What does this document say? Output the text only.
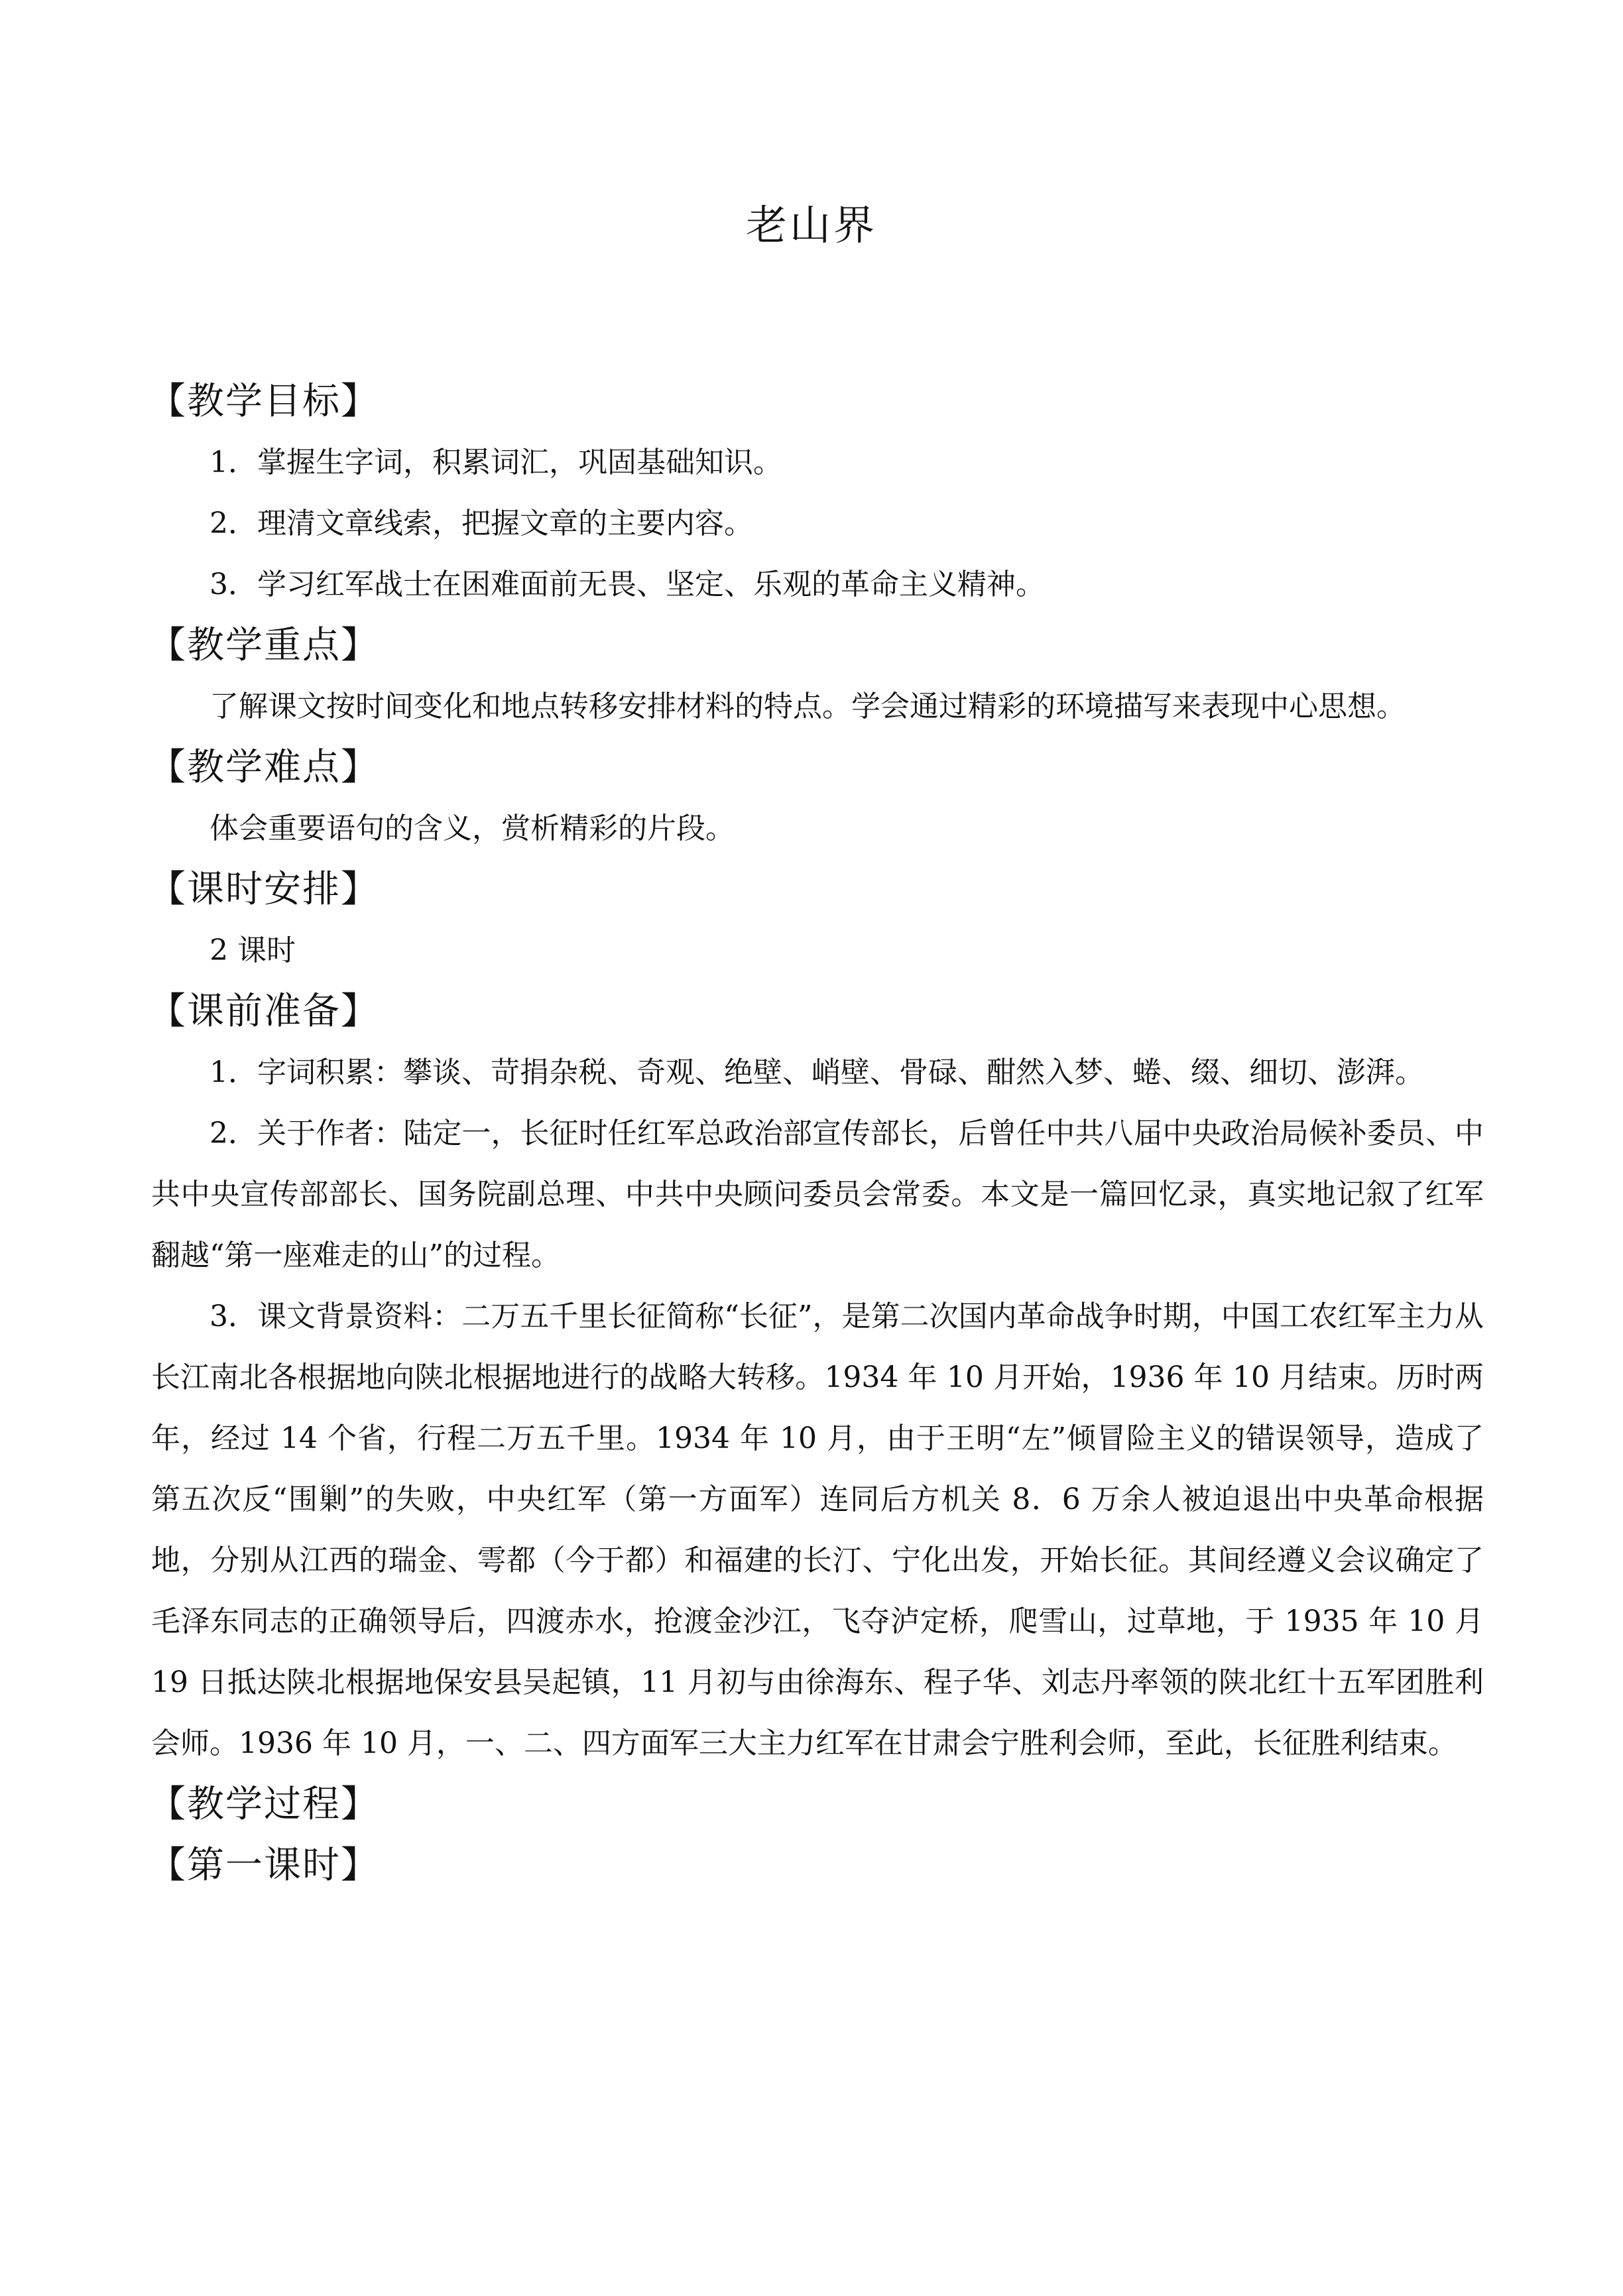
老山界
【教学目标】

1．掌握生字词，积累词汇，巩固基础知识。

2．理清文章线索，把握文章的主要内容。

3．学习红军战士在困难面前无畏、坚定、乐观的革命主义精神。

【教学重点】

了解课文按时间变化和地点转移安排材料的特点。学会通过精彩的环境描写来表现中心思想。

【教学难点】

体会重要语句的含义，赏析精彩的片段。

【课时安排】

2 课时

【课前准备】

1．字词积累：攀谈、苛捐杂税、奇观、绝壁、峭壁、骨碌、酣然入梦、蜷、缀、细切、澎湃。

2．关于作者：陆定一，长征时任红军总政治部宣传部长，后曾任中共八届中央政治局候补委员、中共中央宣传部部长、国务院副总理、中共中央顾问委员会常委。本文是一篇回忆录，真实地记叙了红军翻越“第一座难走的山”的过程。

3．课文背景资料：二万五千里长征简称“长征”，是第二次国内革命战争时期，中国工农红军主力从长江南北各根据地向陕北根据地进行的战略大转移。1934 年 10 月开始，1936 年 10 月结束。历时两年，经过 14 个省，行程二万五千里。1934 年 10 月，由于王明“左”倾冒险主义的错误领导，造成了第五次反“围剿”的失败，中央红军（第一方面军）连同后方机关 8．6 万余人被迫退出中央革命根据地，分别从江西的瑞金、雩都（今于都）和福建的长汀、宁化出发，开始长征。其间经遵义会议确定了毛泽东同志的正确领导后，四渡赤水，抢渡金沙江，飞夺泸定桥，爬雪山，过草地，于 1935 年 10 月 19 日抵达陕北根据地保安县吴起镇，11 月初与由徐海东、程子华、刘志丹率领的陕北红十五军团胜利会师。1936 年 10 月，一、二、四方面军三大主力红军在甘肃会宁胜利会师，至此，长征胜利结束。

【教学过程】
【第一课时】
